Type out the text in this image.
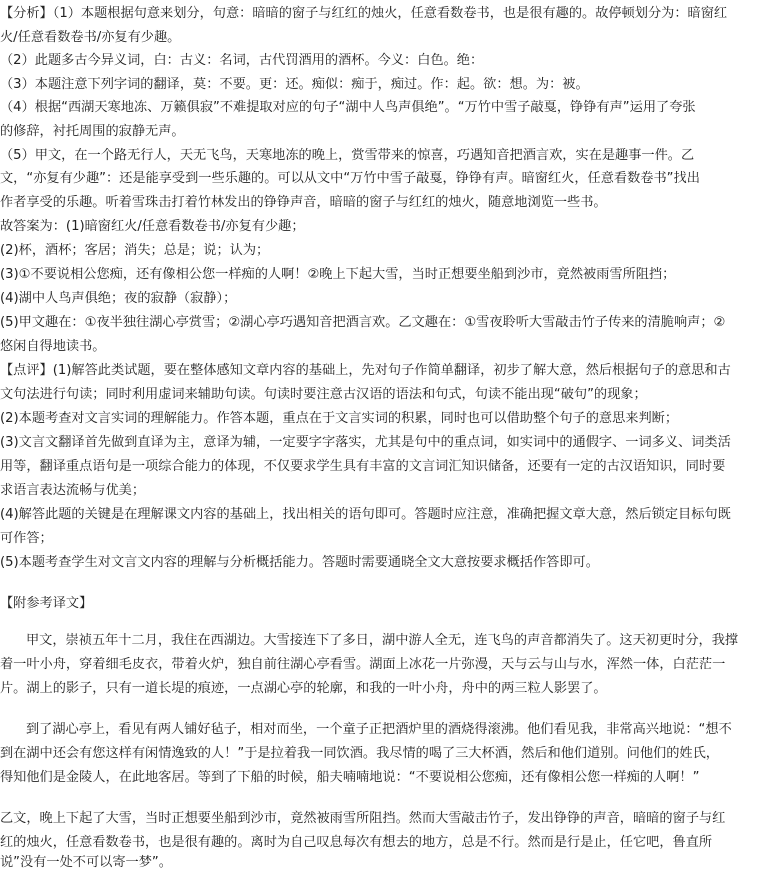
【分析】（1）本题根据句意来划分，句意：暗暗的窗子与红红的烛火，任意看数卷书，也是很有趣的。故停顿划分为：暗窗红
火/任意看数卷书/亦复有少趣。
（2）此题多古今异义词，白：古义：名词，古代罚酒用的酒杯。今义：白色。绝：
（3）本题注意下列字词的翻译，莫：不要。更：还。痴似：痴于，痴过。作：起。欲：想。为：被。
（4）根据“西湖天寒地冻、万籁俱寂”不难提取对应的句子“湖中人鸟声俱绝”。“万竹中雪子敲戛，铮铮有声”运用了夸张
的修辞，衬托周围的寂静无声。
（5）甲文，在一个路无行人，天无飞鸟，天寒地冻的晚上，赏雪带来的惊喜，巧遇知音把酒言欢，实在是趣事一件。乙
文，“亦复有少趣”：还是能享受到一些乐趣的。可以从文中“万竹中雪子敲戛，铮铮有声。暗窗红火，任意看数卷书”找出
作者享受的乐趣。听着雪珠击打着竹林发出的铮铮声音，暗暗的窗子与红红的烛火，随意地浏览一些书。
故答案为：(1)暗窗红火/任意看数卷书/亦复有少趣；
(2)杯，酒杯；客居；消失；总是；说；认为；
(3)①不要说相公您痴，还有像相公您一样痴的人啊！②晚上下起大雪，当时正想要坐船到沙市，竟然被雨雪所阻挡；
(4)湖中人鸟声俱绝；夜的寂静（寂静）；
(5)甲文趣在：①夜半独往湖心亭赏雪；②湖心亭巧遇知音把酒言欢。乙文趣在：①雪夜聆听大雪敲击竹子传来的清脆响声；②
悠闲自得地读书。
【点评】(1)解答此类试题，要在整体感知文章内容的基础上，先对句子作简单翻译，初步了解大意，然后根据句子的意思和古
文句法进行句读；同时利用虚词来辅助句读。句读时要注意古汉语的语法和句式，句读不能出现“破句”的现象；
(2)本题考查对文言实词的理解能力。作答本题，重点在于文言实词的积累，同时也可以借助整个句子的意思来判断；
(3)文言文翻译首先做到直译为主，意译为辅，一定要字字落实，尤其是句中的重点词，如实词中的通假字、一词多义、词类活
用等，翻译重点语句是一项综合能力的体现，不仅要求学生具有丰富的文言词汇知识储备，还要有一定的古汉语知识，同时要
求语言表达流畅与优美；
(4)解答此题的关键是在理解课文内容的基础上，找出相关的语句即可。答题时应注意，准确把握文章大意，然后锁定目标句既
可作答；
(5)本题考查学生对文言文内容的理解与分析概括能力。答题时需要通晓全文大意按要求概括作答即可。
【附参考译文】
甲文，崇祯五年十二月，我住在西湖边。大雪接连下了多日，湖中游人全无，连飞鸟的声音都消失了。这天初更时分，我撑
着一叶小舟，穿着细毛皮衣，带着火炉，独自前往湖心亭看雪。湖面上冰花一片弥漫，天与云与山与水，浑然一体，白茫茫一
片。湖上的影子，只有一道长堤的痕迹，一点湖心亭的轮廓，和我的一叶小舟，舟中的两三粒人影罢了。
到了湖心亭上，看见有两人铺好毡子，相对而坐，一个童子正把酒炉里的酒烧得滚沸。他们看见我，非常高兴地说：“想不
到在湖中还会有您这样有闲情逸致的人！”于是拉着我一同饮酒。我尽情的喝了三大杯酒，然后和他们道别。问他们的姓氏，
得知他们是金陵人，在此地客居。等到了下船的时候，船夫喃喃地说：“不要说相公您痴，还有像相公您一样痴的人啊！”
乙文，晚上下起了大雪，当时正想要坐船到沙市，竟然被雨雪所阻挡。然而大雪敲击竹子，发出铮铮的声音，暗暗的窗子与红
红的烛火，任意看数卷书，也是很有趣的。离时为自己叹息每次有想去的地方，总是不行。然而是行是止，任它吧，鲁直所
说”没有一处不可以寄一梦”。
